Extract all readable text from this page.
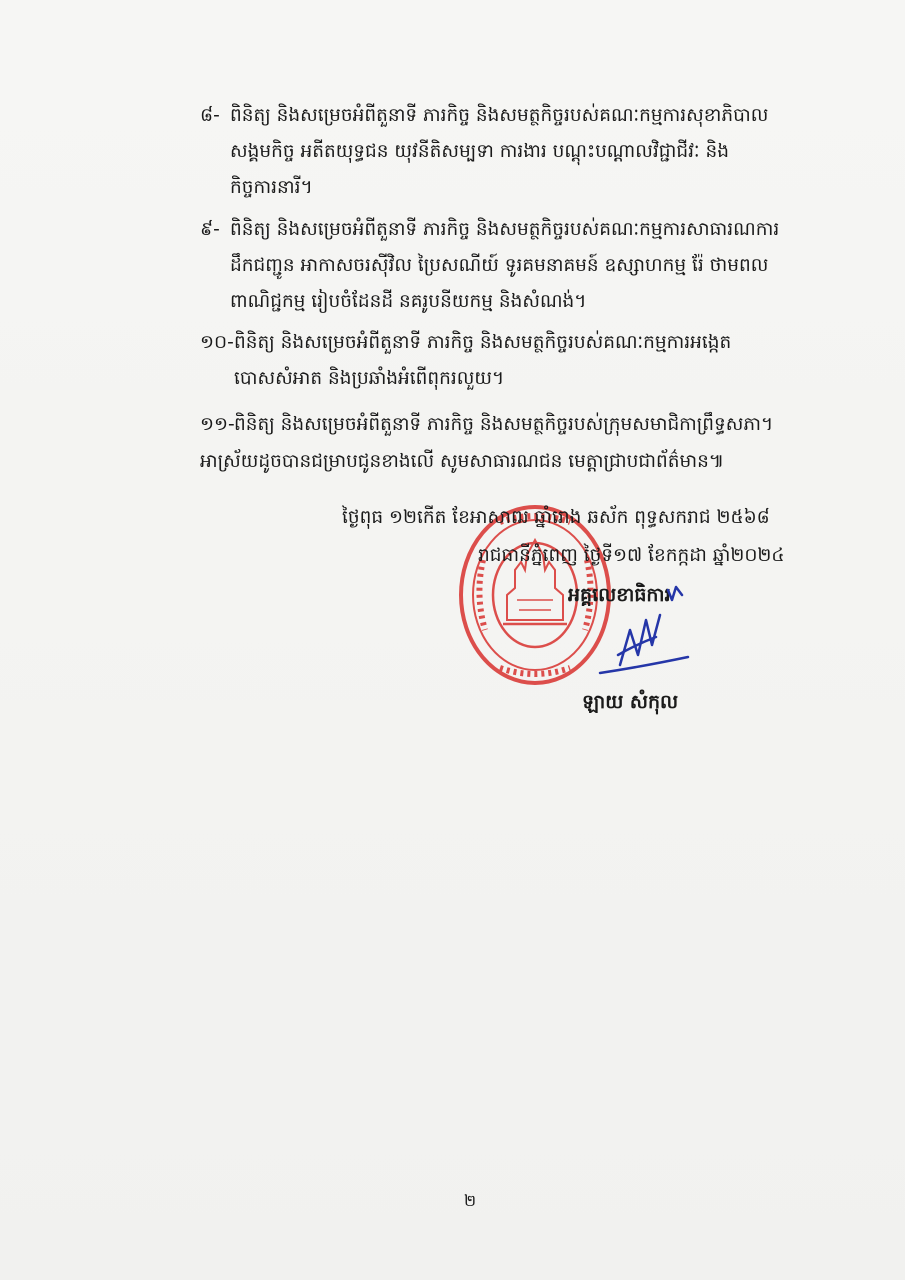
៨- ពិនិត្យ និងសម្រេចអំពីតួនាទី ភារកិច្ច និងសមត្ថកិច្ចរបស់គណៈកម្មការសុខាភិបាល
សង្គមកិច្ច អតីតយុទ្ធជន យុវនីតិសម្បទា ការងារ បណ្ដុះបណ្ដាលវិជ្ជាជីវៈ និង
កិច្ចការនារី។
៩- ពិនិត្យ និងសម្រេចអំពីតួនាទី ភារកិច្ច និងសមត្ថកិច្ចរបស់គណៈកម្មការសាធារណការ
ដឹកជញ្ជូន អាកាសចរស៊ីវិល ប្រៃសណីយ៍ ទូរគមនាគមន៍ ឧស្សាហកម្ម រ៉ែ ថាមពល
ពាណិជ្ជកម្ម រៀបចំដែនដី នគរូបនីយកម្ម និងសំណង់។
១០- ពិនិត្យ និងសម្រេចអំពីតួនាទី ភារកិច្ច និងសមត្ថកិច្ចរបស់គណៈកម្មការអង្កេត
បោសសំអាត និងប្រឆាំងអំពើពុករលួយ។
១១- ពិនិត្យ និងសម្រេចអំពីតួនាទី ភារកិច្ច និងសមត្ថកិច្ចរបស់ក្រុមសមាជិកាព្រឹទ្ធសភា។
អាស្រ័យដូចបានជម្រាបជូនខាងលើ សូមសាធារណជន មេត្តាជ្រាបជាព័ត៌មាន៕
ថ្ងៃពុធ ១២កើត ខែអាសាឍ ឆ្នាំរោង ឆស័ក ពុទ្ធសករាជ ២៥៦៨
រាជធានីភ្នំពេញ ថ្ងៃទី១៧ ខែកក្កដា ឆ្នាំ២០២៤
អគ្គលេខាធិការ
ឡាយ សំកុល
២
